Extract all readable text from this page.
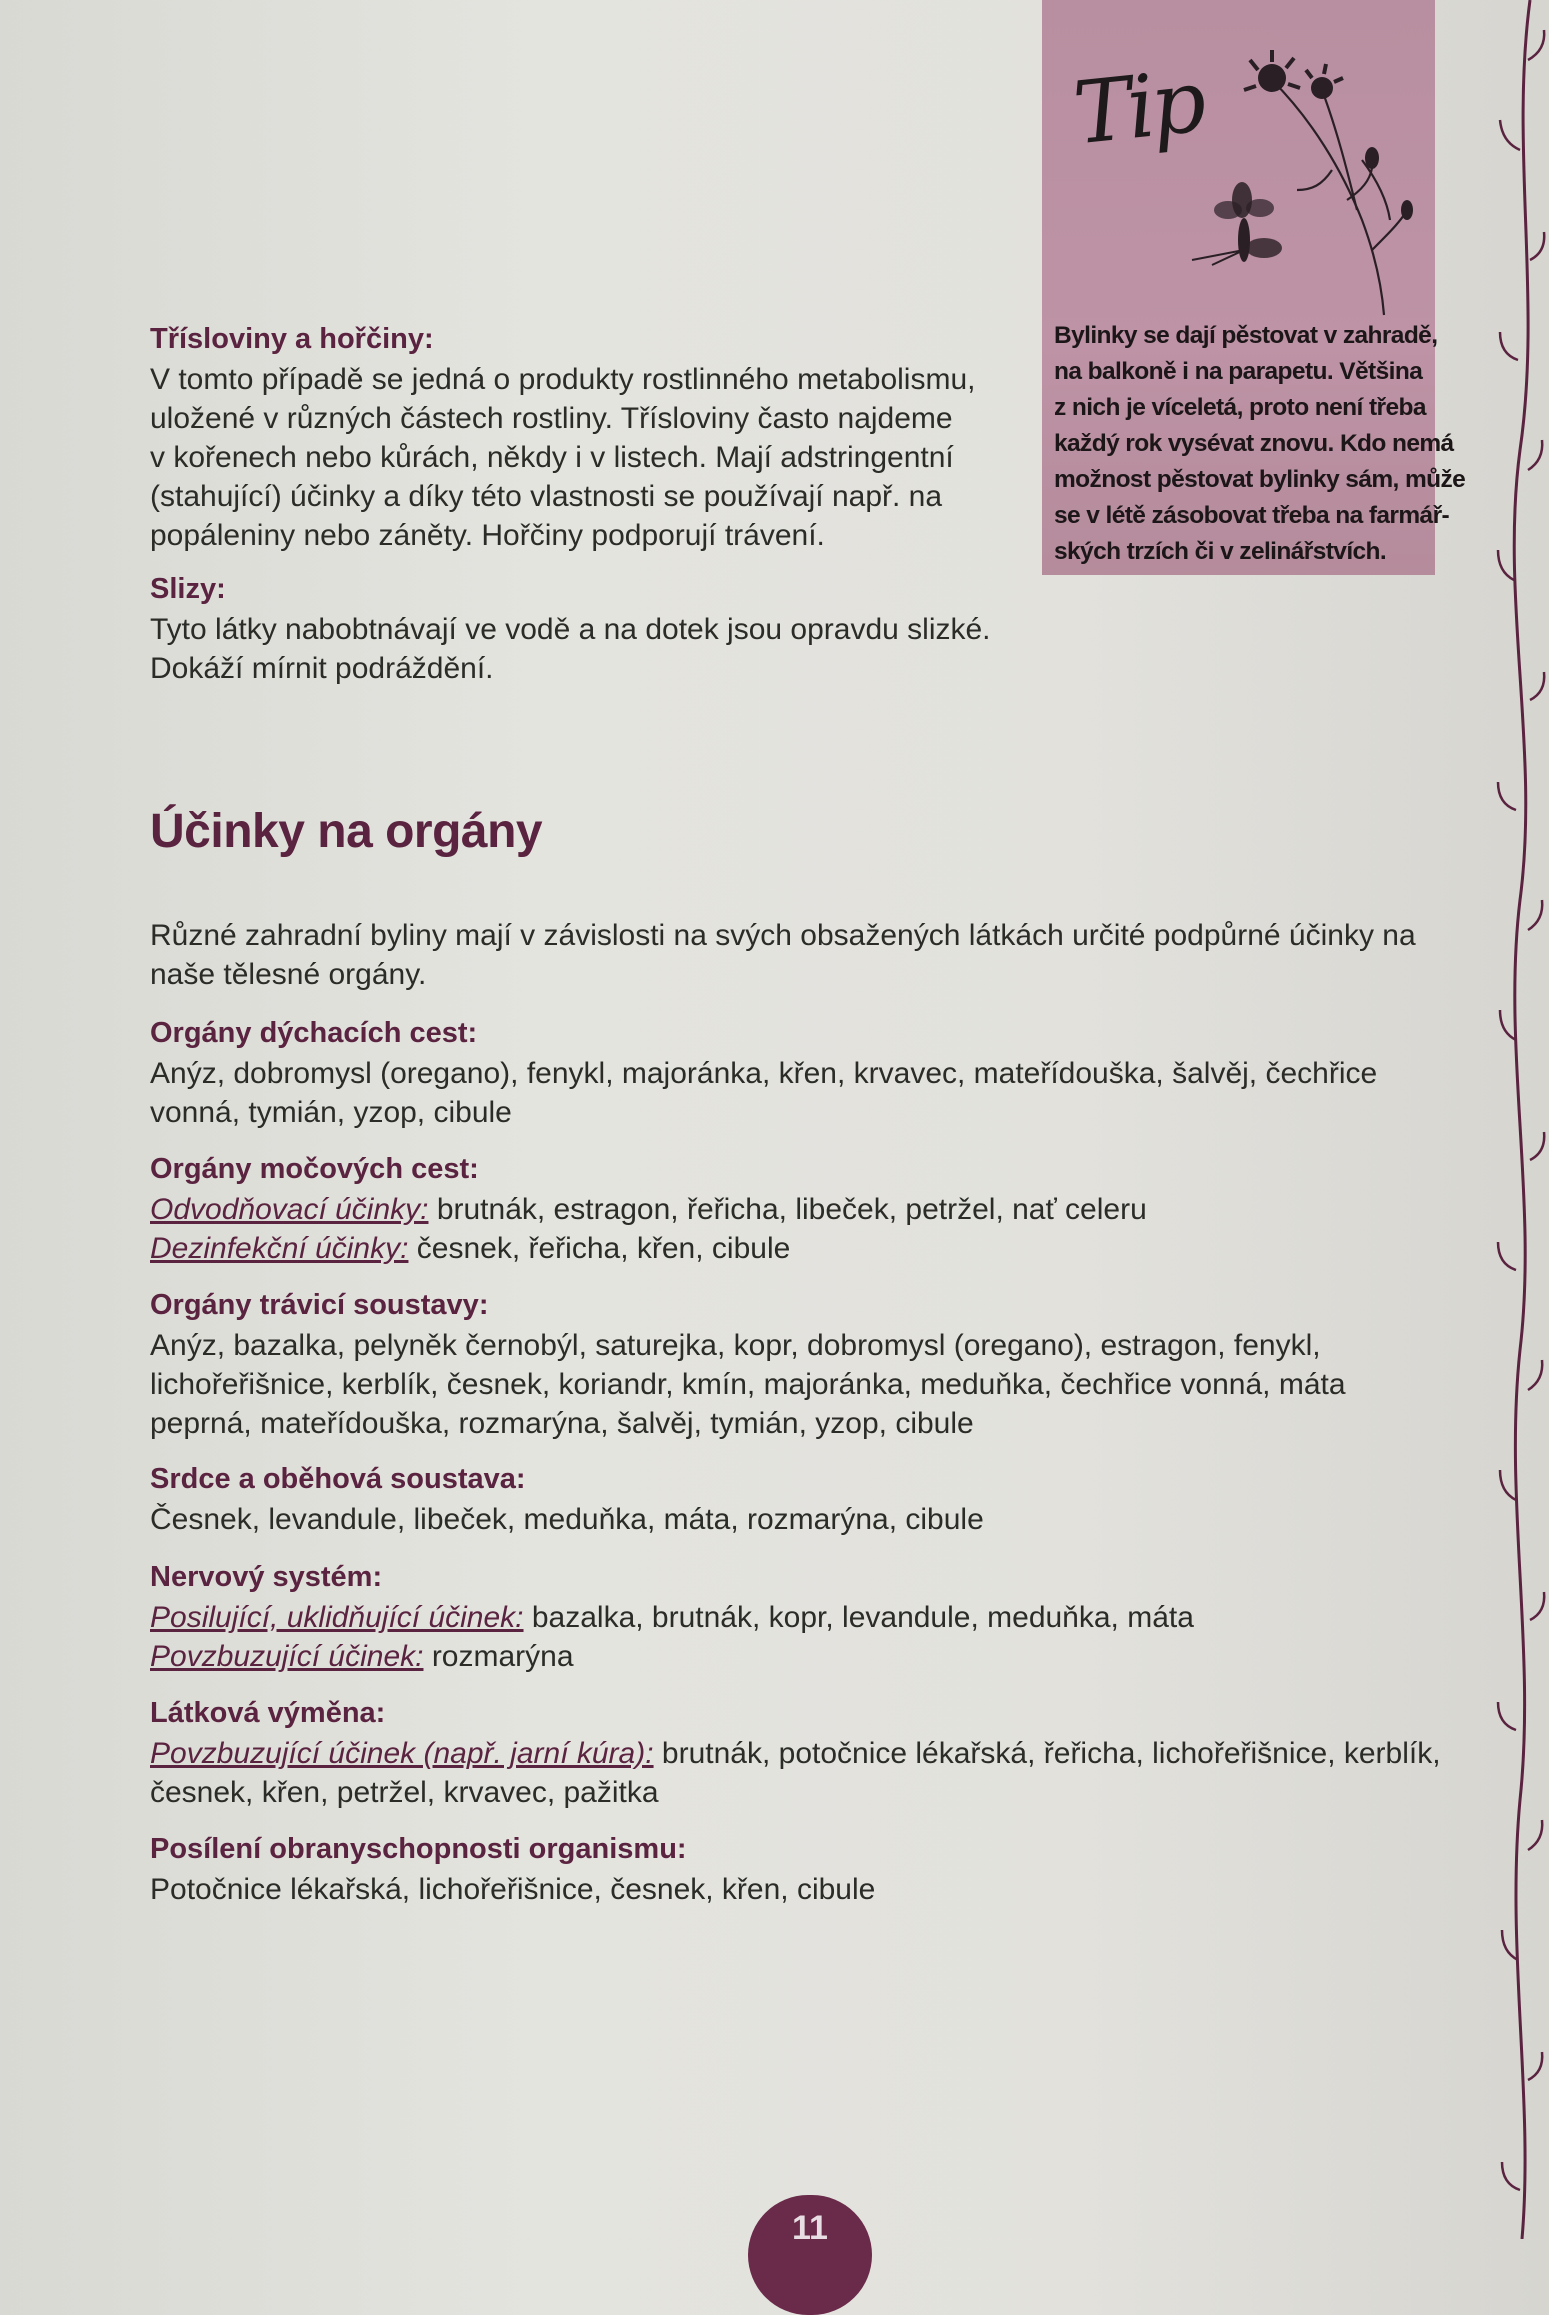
Tip
Bylinky se dají pěstovat v zahradě,
na balkoně i na parapetu. Většina
z nich je víceletá, proto není třeba
každý rok vysévat znovu. Kdo nemá
možnost pěstovat bylinky sám, může
se v létě zásobovat třeba na farmář-
ských trzích či v zelinářstvích.
Třísloviny a hořčiny:
V tomto případě se jedná o produkty rostlinného metabolismu,
uložené v různých částech rostliny. Třísloviny často najdeme
v kořenech nebo kůrách, někdy i v listech. Mají adstringentní
(stahující) účinky a díky této vlastnosti se používají např. na
popáleniny nebo záněty. Hořčiny podporují trávení.
Slizy:
Tyto látky nabobtnávají ve vodě a na dotek jsou opravdu slizké.
Dokáží mírnit podráždění.
Účinky na orgány
Různé zahradní byliny mají v závislosti na svých obsažených látkách určité podpůrné účinky na
naše tělesné orgány.
Orgány dýchacích cest:
Anýz, dobromysl (oregano), fenykl, majoránka, křen, krvavec, mateřídouška, šalvěj, čechřice
vonná, tymián, yzop, cibule
Orgány močových cest:
Odvodňovací účinky: brutnák, estragon, řeřicha, libeček, petržel, nať celeru
Dezinfekční účinky: česnek, řeřicha, křen, cibule
Orgány trávicí soustavy:
Anýz, bazalka, pelyněk černobýl, saturejka, kopr, dobromysl (oregano), estragon, fenykl,
lichořeřišnice, kerblík, česnek, koriandr, kmín, majoránka, meduňka, čechřice vonná, máta
peprná, mateřídouška, rozmarýna, šalvěj, tymián, yzop, cibule
Srdce a oběhová soustava:
Česnek, levandule, libeček, meduňka, máta, rozmarýna, cibule
Nervový systém:
Posilující, uklidňující účinek: bazalka, brutnák, kopr, levandule, meduňka, máta
Povzbuzující účinek: rozmarýna
Látková výměna:
Povzbuzující účinek (např. jarní kúra): brutnák, potočnice lékařská, řeřicha, lichořeřišnice, kerblík,
česnek, křen, petržel, krvavec, pažitka
Posílení obranyschopnosti organismu:
Potočnice lékařská, lichořeřišnice, česnek, křen, cibule
11
